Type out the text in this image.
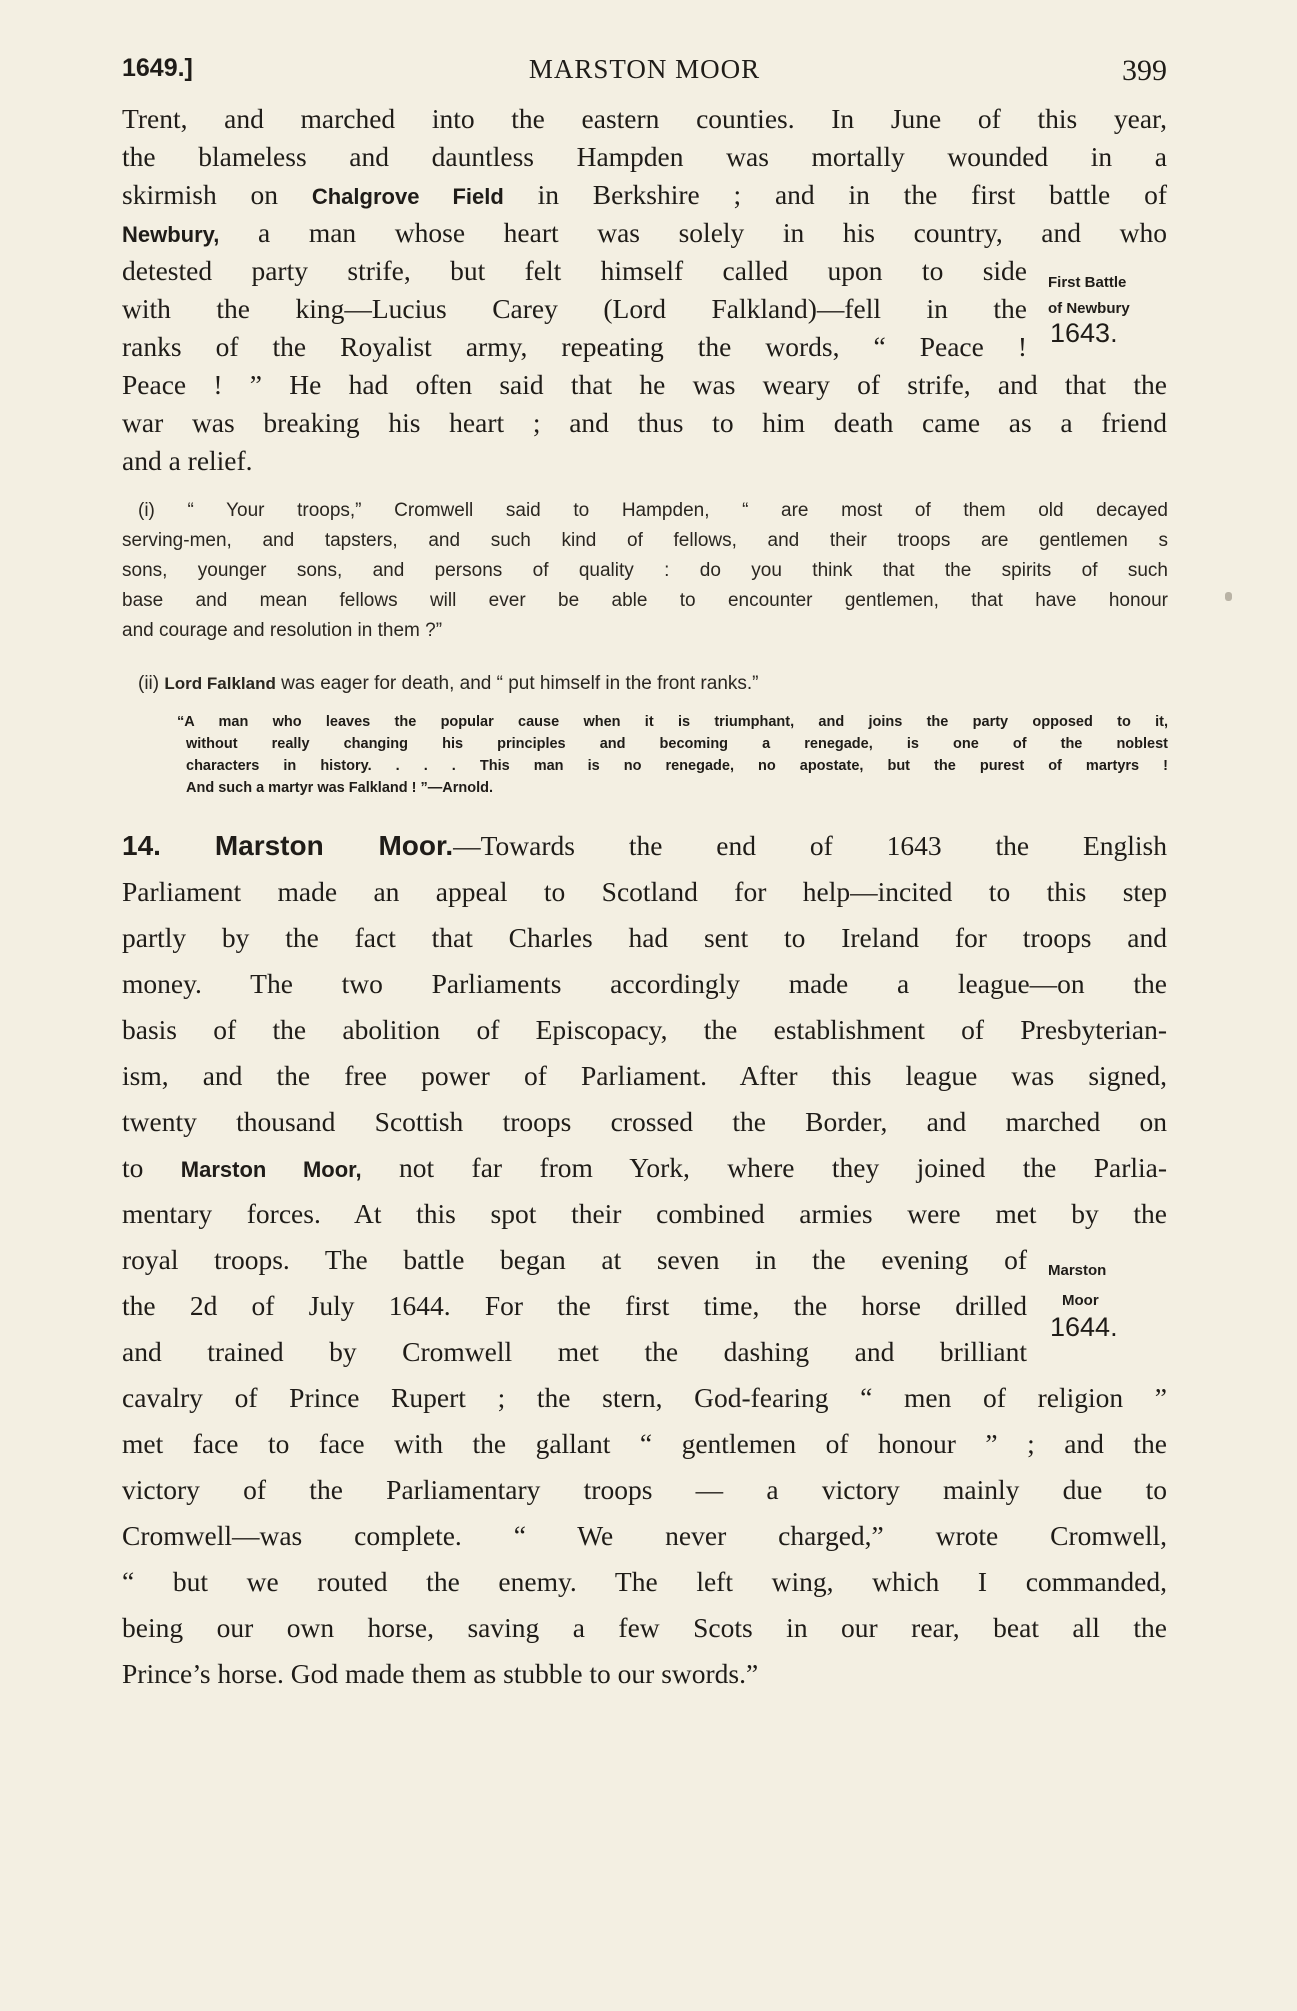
1649.]	MARSTON MOOR	399
Trent, and marched into the eastern counties. In June of this year,
the blameless and dauntless Hampden was mortally wounded in a
skirmish on Chalgrove Field in Berkshire ; and in the first battle of
Newbury, a man whose heart was solely in his country, and who
detested party strife, but felt himself called upon to side
with the king—Lucius Carey (Lord Falkland)—fell in the
ranks of the Royalist army, repeating the words, “ Peace !
Peace ! ” He had often said that he was weary of strife, and that the
war was breaking his heart ; and thus to him death came as a friend
and a relief.
First Battle
of Newbury
1643.
(i) “ Your troops,” Cromwell said to Hampden, “ are most of them old decayed
serving-men, and tapsters, and such kind of fellows, and their troops are gentlemen s
sons, younger sons, and persons of quality : do you think that the spirits of such
base and mean fellows will ever be able to encounter gentlemen, that have honour
and courage and resolution in them ?”
(ii) Lord Falkland was eager for death, and “ put himself in the front ranks.”
“A man who leaves the popular cause when it is triumphant, and joins the party opposed to it,
without really changing his principles and becoming a renegade, is one of the noblest
characters in history. . . . This man is no renegade, no apostate, but the purest of martyrs !
And such a martyr was Falkland ! ”—Arnold.
14. Marston Moor.—Towards the end of 1643 the English
Parliament made an appeal to Scotland for help—incited to this step
partly by the fact that Charles had sent to Ireland for troops and
money. The two Parliaments accordingly made a league—on the
basis of the abolition of Episcopacy, the establishment of Presbyterian-
ism, and the free power of Parliament. After this league was signed,
twenty thousand Scottish troops crossed the Border, and marched on
to Marston Moor, not far from York, where they joined the Parlia-
mentary forces. At this spot their combined armies were met by the
royal troops. The battle began at seven in the evening of
the 2d of July 1644. For the first time, the horse drilled
and trained by Cromwell met the dashing and brilliant
cavalry of Prince Rupert ; the stern, God-fearing “ men of religion ”
met face to face with the gallant “ gentlemen of honour ” ; and the
victory of the Parliamentary troops — a victory mainly due to
Cromwell—was complete. “ We never charged,” wrote Cromwell,
“ but we routed the enemy. The left wing, which I commanded,
being our own horse, saving a few Scots in our rear, beat all the
Prince’s horse. God made them as stubble to our swords.”
Marston
Moor
1644.
